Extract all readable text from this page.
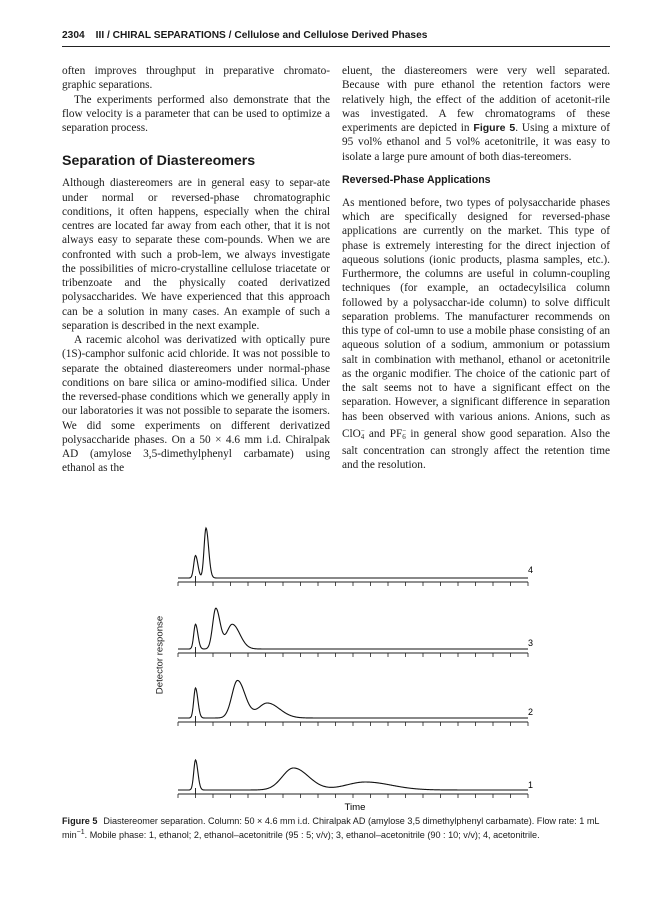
2304 III / CHIRAL SEPARATIONS / Cellulose and Cellulose Derived Phases

often improves throughput in preparative chromato-graphic separations.

The experiments performed also demonstrate that the flow velocity is a parameter that can be used to optimize a separation process.

Separation of Diastereomers

Although diastereomers are in general easy to separ-ate under normal or reversed-phase chromatographic conditions, it often happens, especially when the chiral centres are located far away from each other, that it is not always easy to separate these com-pounds. When we are confronted with such a prob-lem, we always investigate the possibilities of micro-crystalline cellulose triacetate or tribenzoate and the physically coated derivatized polysaccharides. We have experienced that this approach can be a solution in many cases. An example of such a separation is described in the next example.

A racemic alcohol was derivatized with optically pure (1S)-camphor sulfonic acid chloride. It was not possible to separate the obtained diastereomers under normal-phase conditions on bare silica or amino-modified silica. Under the reversed-phase conditions which we generally apply in our laboratories it was not possible to separate the isomers. We did some experiments on different derivatized polysaccharide phases. On a 50 × 4.6 mm i.d. Chiralpak AD (amylose 3,5-dimethylphenyl carbamate) using ethanol as the

eluent, the diastereomers were very well separated. Because with pure ethanol the retention factors were relatively high, the effect of the addition of acetonit-rile was investigated. A few chromatograms of these experiments are depicted in Figure 5. Using a mixture of 95 vol% ethanol and 5 vol% acetonitrile, it was easy to isolate a large pure amount of both dias-tereomers.

Reversed-Phase Applications

As mentioned before, two types of polysaccharide phases which are specifically designed for reversed-phase applications are currently on the market. This type of phase is extremely interesting for the direct injection of aqueous solutions (ionic products, plasma samples, etc.). Furthermore, the columns are useful in column-coupling techniques (for example, an octadecylsilica column followed by a polysacchar-ide column) to solve difficult separation problems. The manufacturer recommends on this type of col-umn to use a mobile phase consisting of an aqueous solution of a sodium, ammonium or potassium salt in combination with methanol, ethanol or acetonitrile as the organic modifier. The choice of the cationic part of the salt seems not to have a significant effect on the separation. However, a significant difference in separation has been observed with various anions. Anions, such as ClO−$_4$ and $PF^-_6$ in general show good separation. Also the salt concentration can strongly affect the retention time and the resolution.

4
3
2
1
Time
Detector response

Figure 5 Diastereomer separation. Column: 50 × 4.6 mm i.d. Chiralpak AD (amylose 3,5 dimethylphenyl carbamate). Flow rate: 1 mL $\min^{-1}$. Mobile phase: 1, ethanol; 2, ethanol–acetonitrile (95 : 5; v/v); 3, ethanol–acetonitrile (90 : 10; v/v); 4, acetonitrile.
